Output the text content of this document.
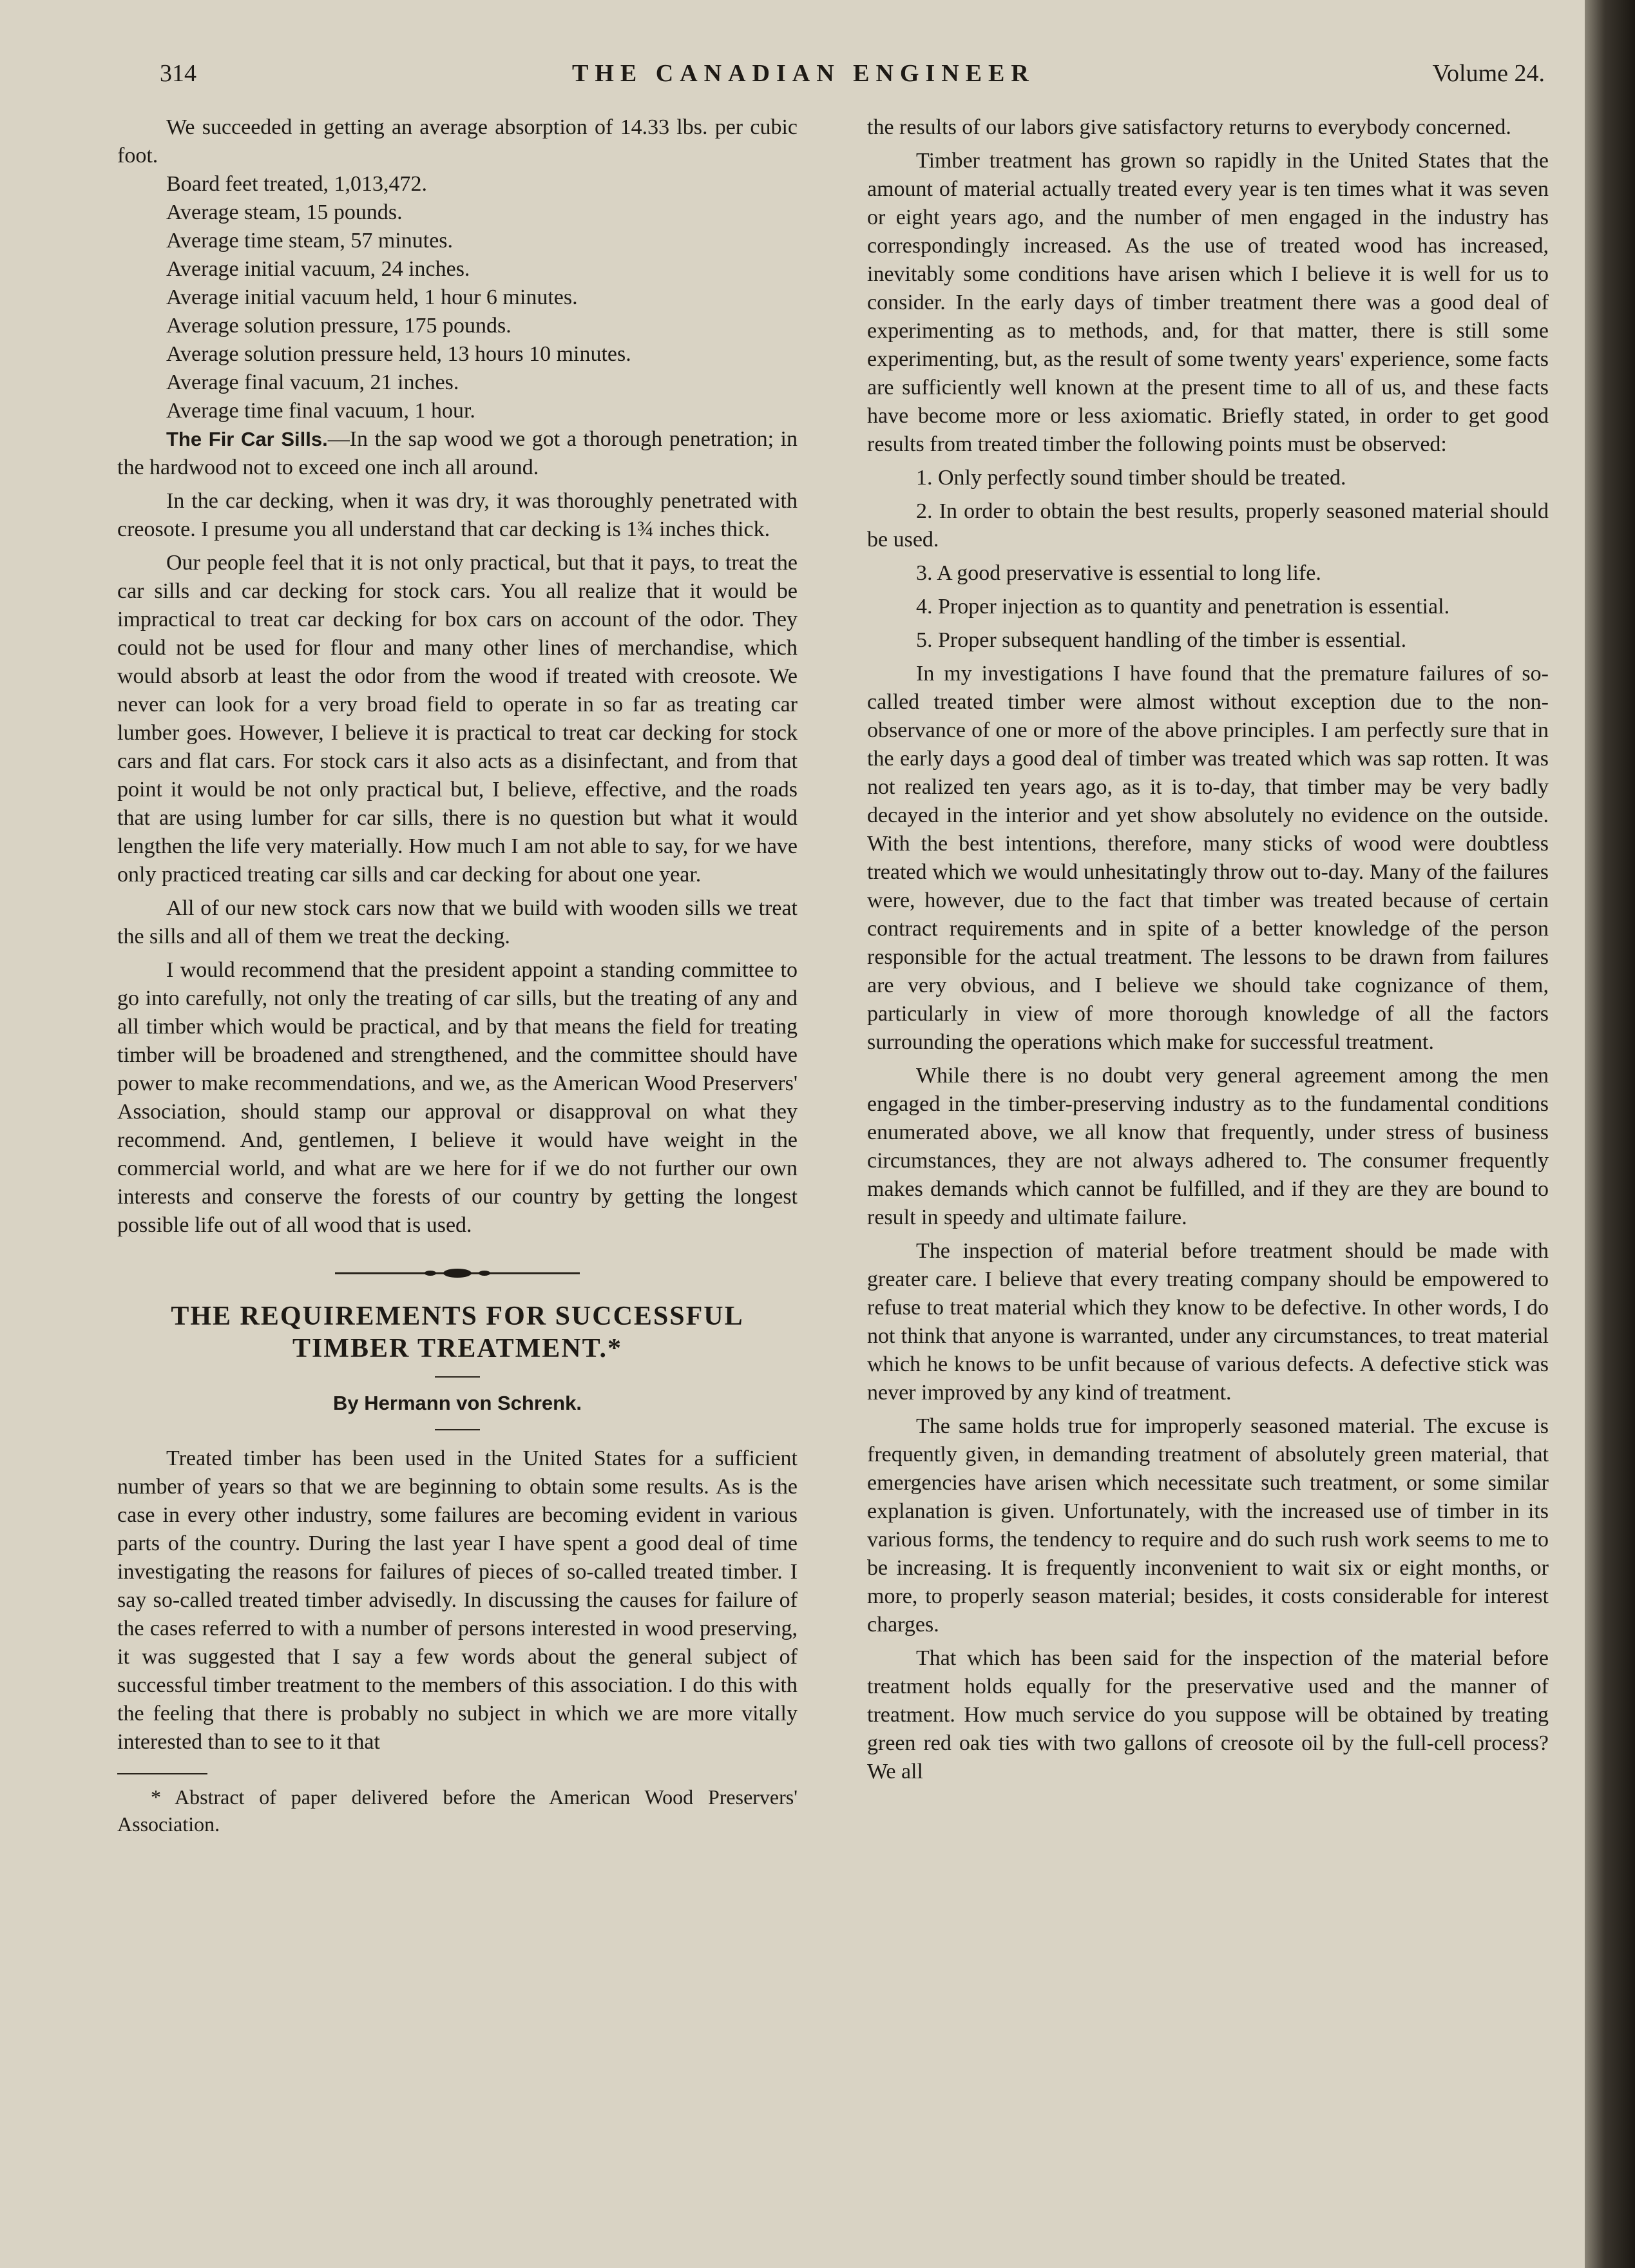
314	THE CANADIAN ENGINEER	Volume 24.

We succeeded in getting an average absorption of 14.33 lbs. per cubic foot.

Board feet treated, 1,013,472.
Average steam, 15 pounds.
Average time steam, 57 minutes.
Average initial vacuum, 24 inches.
Average initial vacuum held, 1 hour 6 minutes.
Average solution pressure, 175 pounds.
Average solution pressure held, 13 hours 10 minutes.
Average final vacuum, 21 inches.
Average time final vacuum, 1 hour.

The Fir Car Sills.—In the sap wood we got a thorough penetration; in the hardwood not to exceed one inch all around.

In the car decking, when it was dry, it was thoroughly penetrated with creosote. I presume you all understand that car decking is 1¾ inches thick.

Our people feel that it is not only practical, but that it pays, to treat the car sills and car decking for stock cars. You all realize that it would be impractical to treat car decking for box cars on account of the odor. They could not be used for flour and many other lines of merchandise, which would absorb at least the odor from the wood if treated with creosote. We never can look for a very broad field to operate in so far as treating car lumber goes. However, I believe it is practical to treat car decking for stock cars and flat cars. For stock cars it also acts as a disinfectant, and from that point it would be not only practical but, I believe, effective, and the roads that are using lumber for car sills, there is no question but what it would lengthen the life very materially. How much I am not able to say, for we have only practiced treating car sills and car decking for about one year.

All of our new stock cars now that we build with wooden sills we treat the sills and all of them we treat the decking.

I would recommend that the president appoint a standing committee to go into carefully, not only the treating of car sills, but the treating of any and all timber which would be practical, and by that means the field for treating timber will be broadened and strengthened, and the committee should have power to make recommendations, and we, as the American Wood Preservers' Association, should stamp our approval or disapproval on what they recommend. And, gentlemen, I believe it would have weight in the commercial world, and what are we here for if we do not further our own interests and conserve the forests of our country by getting the longest possible life out of all wood that is used.

THE REQUIREMENTS FOR SUCCESSFUL
TIMBER TREATMENT.*
By Hermann von Schrenk.

Treated timber has been used in the United States for a sufficient number of years so that we are beginning to obtain some results. As is the case in every other industry, some failures are becoming evident in various parts of the country. During the last year I have spent a good deal of time investigating the reasons for failures of pieces of so-called treated timber. I say so-called treated timber advisedly. In discussing the causes for failure of the cases referred to with a number of persons interested in wood preserving, it was suggested that I say a few words about the general subject of successful timber treatment to the members of this association. I do this with the feeling that there is probably no subject in which we are more vitally interested than to see to it that

* Abstract of paper delivered before the American Wood Preservers' Association.

the results of our labors give satisfactory returns to everybody concerned.

Timber treatment has grown so rapidly in the United States that the amount of material actually treated every year is ten times what it was seven or eight years ago, and the number of men engaged in the industry has correspondingly increased. As the use of treated wood has increased, inevitably some conditions have arisen which I believe it is well for us to consider. In the early days of timber treatment there was a good deal of experimenting as to methods, and, for that matter, there is still some experimenting, but, as the result of some twenty years' experience, some facts are sufficiently well known at the present time to all of us, and these facts have become more or less axiomatic. Briefly stated, in order to get good results from treated timber the following points must be observed:

1. Only perfectly sound timber should be treated.
2. In order to obtain the best results, properly seasoned material should be used.
3. A good preservative is essential to long life.
4. Proper injection as to quantity and penetration is essential.
5. Proper subsequent handling of the timber is essential.

In my investigations I have found that the premature failures of so-called treated timber were almost without exception due to the non-observance of one or more of the above principles. I am perfectly sure that in the early days a good deal of timber was treated which was sap rotten. It was not realized ten years ago, as it is to-day, that timber may be very badly decayed in the interior and yet show absolutely no evidence on the outside. With the best intentions, therefore, many sticks of wood were doubtless treated which we would unhesitatingly throw out to-day. Many of the failures were, however, due to the fact that timber was treated because of certain contract requirements and in spite of a better knowledge of the person responsible for the actual treatment. The lessons to be drawn from failures are very obvious, and I believe we should take cognizance of them, particularly in view of more thorough knowledge of all the factors surrounding the operations which make for successful treatment.

While there is no doubt very general agreement among the men engaged in the timber-preserving industry as to the fundamental conditions enumerated above, we all know that frequently, under stress of business circumstances, they are not always adhered to. The consumer frequently makes demands which cannot be fulfilled, and if they are they are bound to result in speedy and ultimate failure.

The inspection of material before treatment should be made with greater care. I believe that every treating company should be empowered to refuse to treat material which they know to be defective. In other words, I do not think that anyone is warranted, under any circumstances, to treat material which he knows to be unfit because of various defects. A defective stick was never improved by any kind of treatment.

The same holds true for improperly seasoned material. The excuse is frequently given, in demanding treatment of absolutely green material, that emergencies have arisen which necessitate such treatment, or some similar explanation is given. Unfortunately, with the increased use of timber in its various forms, the tendency to require and do such rush work seems to me to be increasing. It is frequently inconvenient to wait six or eight months, or more, to properly season material; besides, it costs considerable for interest charges.

That which has been said for the inspection of the material before treatment holds equally for the preservative used and the manner of treatment. How much service do you suppose will be obtained by treating green red oak ties with two gallons of creosote oil by the full-cell process? We all
